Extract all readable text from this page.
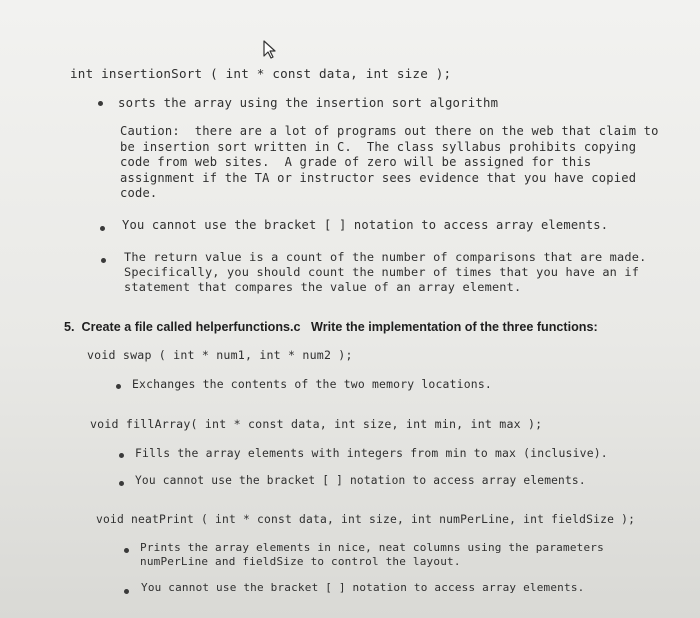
int insertionSort ( int * const data, int size );
sorts the array using the insertion sort algorithm
Caution:  there are a lot of programs out there on the web that claim to
be insertion sort written in C.  The class syllabus prohibits copying
code from web sites.  A grade of zero will be assigned for this
assignment if the TA or instructor sees evidence that you have copied
code.
You cannot use the bracket [ ] notation to access array elements.
The return value is a count of the number of comparisons that are made.
Specifically, you should count the number of times that you have an if
statement that compares the value of an array element.
5.  Create a file called helperfunctions.c   Write the implementation of the three functions:
void swap ( int * num1, int * num2 );
Exchanges the contents of the two memory locations.
void fillArray( int * const data, int size, int min, int max );
Fills the array elements with integers from min to max (inclusive).
You cannot use the bracket [ ] notation to access array elements.
void neatPrint ( int * const data, int size, int numPerLine, int fieldSize );
Prints the array elements in nice, neat columns using the parameters
numPerLine and fieldSize to control the layout.
You cannot use the bracket [ ] notation to access array elements.
